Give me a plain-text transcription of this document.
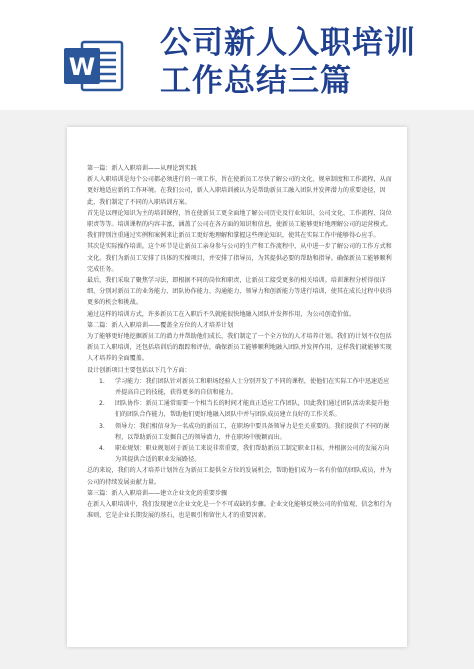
W
公司新人入职培训
工作总结三篇

第一篇：新人入职培训——从理论到实践

新人入职培训是每个公司都必须进行的一项工作，旨在使新员工尽快了解公司的文化、规章制度和工作流程，从而更好地适应新的工作环境。在我们公司，新人入职培训被认为是帮助新员工融入团队并发挥潜力的重要途径，因此，我们制定了不同的入职培训方案。

首先是以理论知识为主的培训课程，旨在使新员工更全面地了解公司历史及行业知识、公司文化、工作流程、岗位职责等等。培训课程的内容丰富，涵盖了公司在各方面的知识和信息，使新员工能够更好地理解公司的运营模式。我们特别注重通过实例和案例来让新员工更好地理解和掌握这些理论知识，使其在实际工作中能够得心应手。

其次是实际操作培训。这个环节是让新员工亲身参与公司的生产和工作流程中，从中进一步了解公司的工作方式和文化。我们为新员工安排了具体的实操项目，并安排了指导员，为其提供必要的帮助和指导。确保新员工能够顺利完成任务。

最后，我们采取了聚焦学习法，即根据不同的岗位和职责，让新员工接受更多的相关培训。培训课程分析得很详细，分别对新员工的业务能力、团队协作能力、沟通能力、领导力和创新能力等进行培训，使其在成长过程中获得更多的机会和挑战。

通过这样的培训方式，许多新员工在入职后不久就能很快地融入团队并发挥作用，为公司创造价值。

第二篇：新人入职培训——覆盖全方位的人才培养计划

为了能够更好地挖掘新员工的潜力并帮助他们成长，我们制定了一个全方位的人才培养计划。我们的计划不仅包括新员工入职培训，还包括培训后的跟踪和评估，确保新员工能够顺利地融入团队并发挥作用，这样我们就能够实现人才培养的全面覆盖。

设计创新项目主要包括以下几个方面：

1. 学习能力：我们团队针对新员工和职场经验人士分别开发了不同的课程，使他们在实际工作中迅速适应并提高自己的技能，获得更多的自信和能力。
2. 团队协作：新员工通常需要一个相当长的时间才能真正适应工作团队，因此我们通过团队活动来提升他们的团队合作能力，帮助他们更好地融入团队中并与团队成员建立良好的工作关系。
3. 领导力：我们相信身为一名成功的新员工，在职场中要具备领导力是至关重要的。我们提供了不同的课程，以帮助新员工发掘自己的领导潜力，并在职场中脱颖而出。
4. 职业规划：职业规划对于新员工来说非常重要，我们帮助新员工制定职业目标，并根据公司的发展方向为其提供合适的职业发展路径。

总的来说，我们的人才培养计划旨在为新员工提供全方位的发展机会，帮助他们成为一名有价值的团队成员，并为公司的持续发展贡献力量。

第三篇：新人入职培训——建立企业文化的重要步骤

在新人入职培训中，我们发现建立企业文化是一个不可或缺的步骤。企业文化能够反映公司的价值观、信念和行为准则，它是企业长期发展的基石，也是吸引和留住人才的重要因素。
